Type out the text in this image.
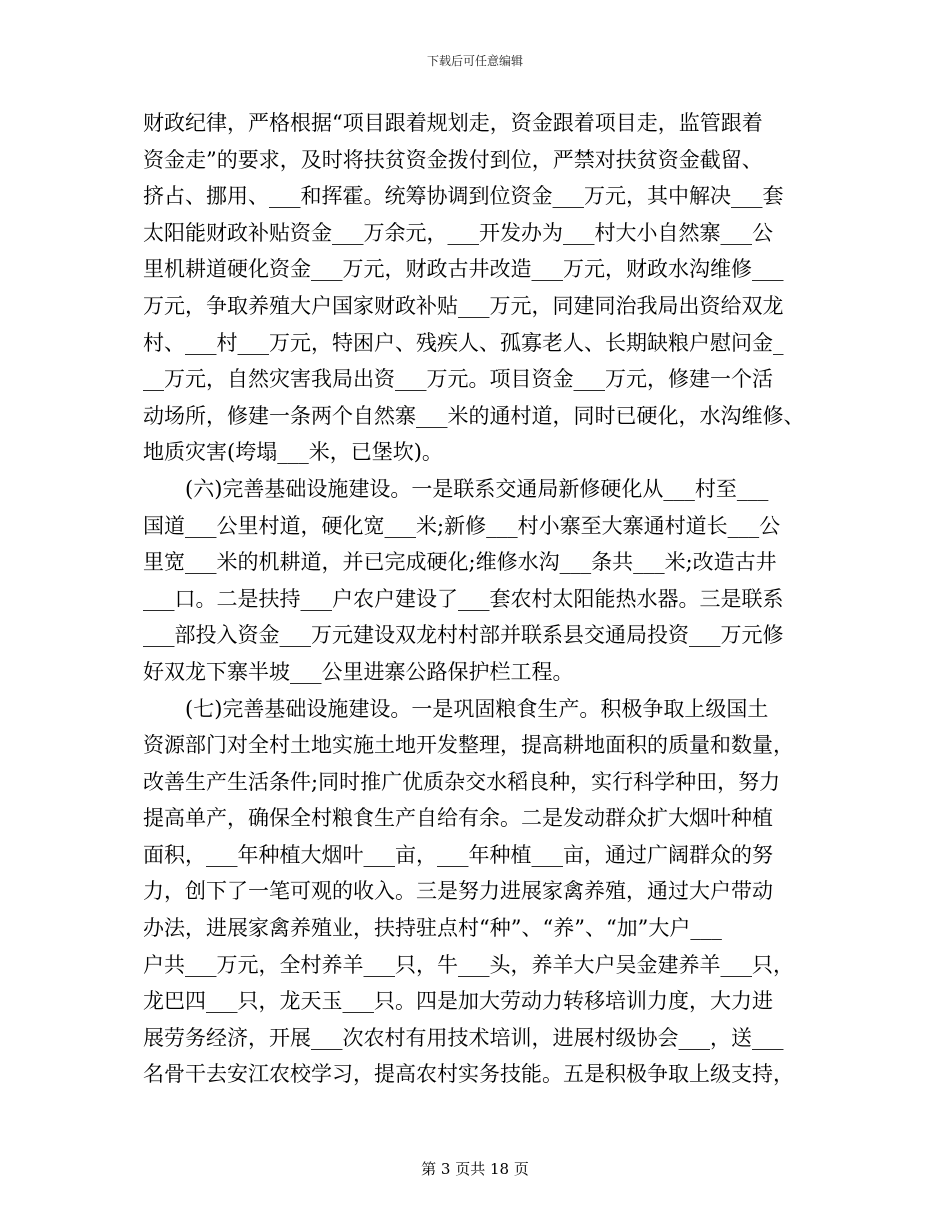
下载后可任意编辑
财政纪律，严格根据“项目跟着规划走，资金跟着项目走，监管跟着
资金走”的要求，及时将扶贫资金拨付到位，严禁对扶贫资金截留、
挤占、挪用、___和挥霍。统筹协调到位资金___万元，其中解决___套
太阳能财政补贴资金___万余元，___开发办为___村大小自然寨___公
里机耕道硬化资金___万元，财政古井改造___万元，财政水沟维修___
万元，争取养殖大户国家财政补贴___万元，同建同治我局出资给双龙
村、___村___万元，特困户、残疾人、孤寡老人、长期缺粮户慰问金_
__万元，自然灾害我局出资___万元。项目资金___万元，修建一个活
动场所，修建一条两个自然寨___米的通村道，同时已硬化，水沟维修、
地质灾害(垮塌___米，已堡坎)。
(六)完善基础设施建设。一是联系交通局新修硬化从___村至___
国道___公里村道，硬化宽___米;新修___村小寨至大寨通村道长___公
里宽___米的机耕道，并已完成硬化;维修水沟___条共___米;改造古井
___口。二是扶持___户农户建设了___套农村太阳能热水器。三是联系
___部投入资金___万元建设双龙村村部并联系县交通局投资___万元修
好双龙下寨半坡___公里进寨公路保护栏工程。
(七)完善基础设施建设。一是巩固粮食生产。积极争取上级国土
资源部门对全村土地实施土地开发整理，提高耕地面积的质量和数量，
改善生产生活条件;同时推广优质杂交水稻良种，实行科学种田，努力
提高单产，确保全村粮食生产自给有余。二是发动群众扩大烟叶种植
面积，___年种植大烟叶___亩，___年种植___亩，通过广阔群众的努
力，创下了一笔可观的收入。三是努力进展家禽养殖，通过大户带动
办法，进展家禽养殖业，扶持驻点村“种”、“养”、“加”大户___
户共___万元，全村养羊___只，牛___头，养羊大户吴金建养羊___只，
龙巴四___只，龙天玉___只。四是加大劳动力转移培训力度，大力进
展劳务经济，开展___次农村有用技术培训，进展村级协会___，送___
名骨干去安江农校学习，提高农村实务技能。五是积极争取上级支持，
第 3 页共 18 页
